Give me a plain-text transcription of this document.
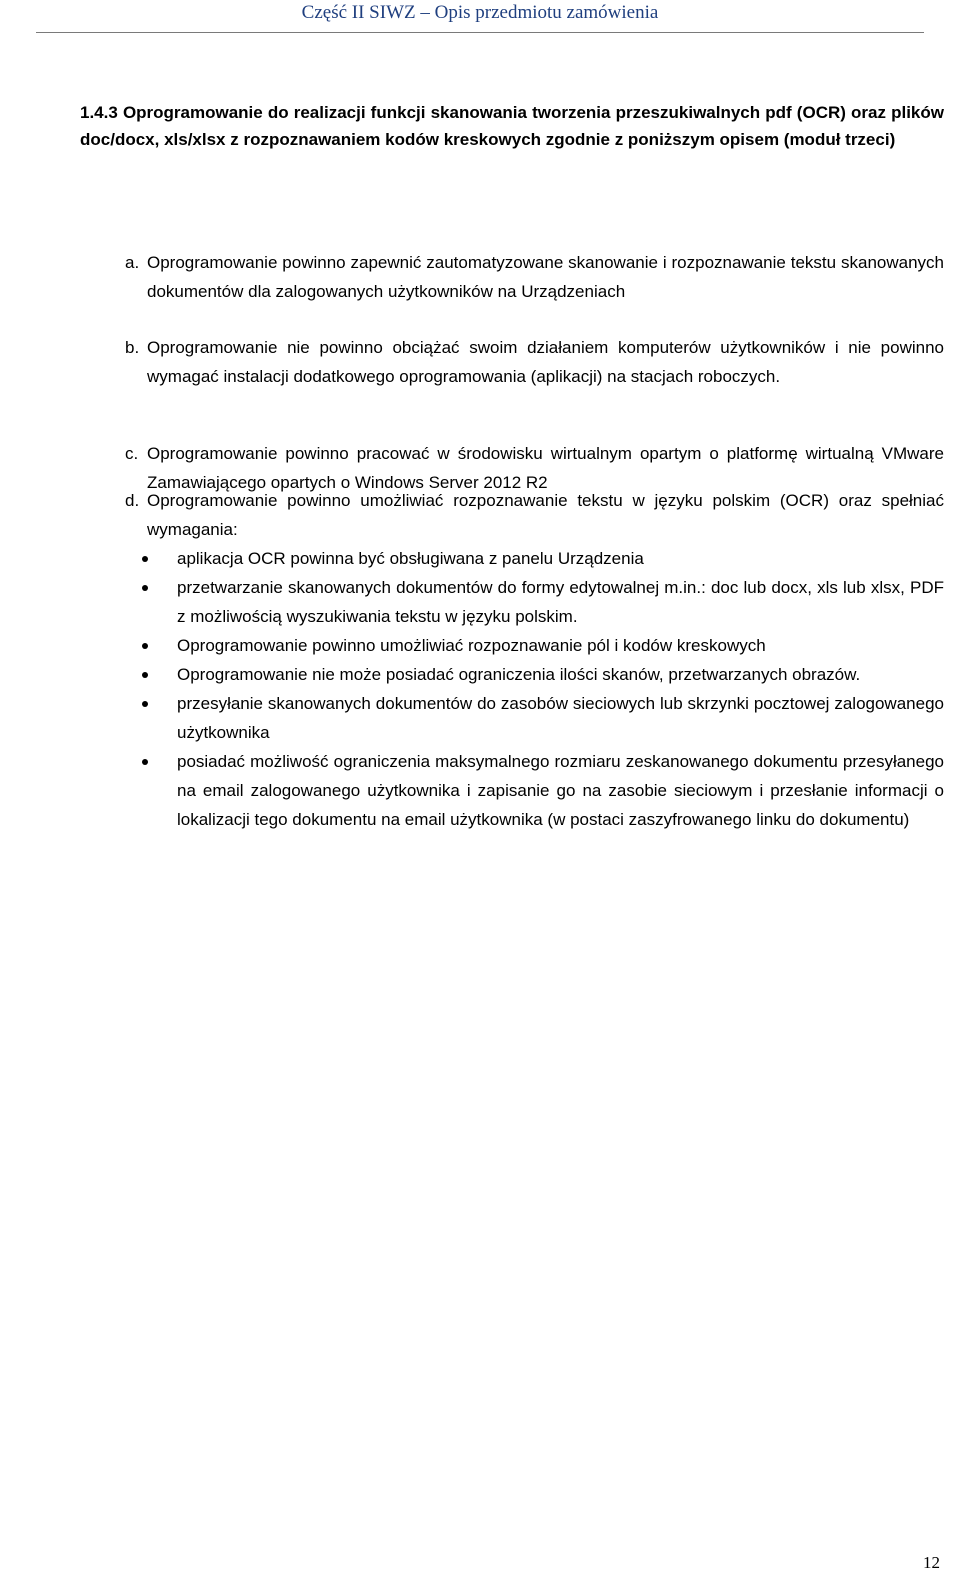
Część II SIWZ – Opis przedmiotu zamówienia
1.4.3 Oprogramowanie do realizacji funkcji skanowania tworzenia przeszukiwalnych pdf (OCR) oraz plików doc/docx, xls/xlsx z rozpoznawaniem kodów kreskowych zgodnie z poniższym opisem (moduł trzeci)
a. Oprogramowanie powinno zapewnić zautomatyzowane skanowanie i rozpoznawanie tekstu skanowanych dokumentów dla zalogowanych użytkowników na Urządzeniach
b. Oprogramowanie nie powinno obciążać swoim działaniem komputerów użytkowników i nie powinno wymagać instalacji dodatkowego oprogramowania (aplikacji) na stacjach roboczych.
c. Oprogramowanie powinno pracować w środowisku wirtualnym opartym o platformę wirtualną VMware Zamawiającego opartych o Windows Server 2012 R2
d. Oprogramowanie powinno umożliwiać rozpoznawanie tekstu w języku polskim (OCR) oraz spełniać wymagania:
aplikacja OCR powinna być obsługiwana z panelu Urządzenia
przetwarzanie skanowanych dokumentów do formy edytowalnej m.in.: doc lub docx, xls lub xlsx, PDF z możliwością wyszukiwania tekstu w języku polskim.
Oprogramowanie powinno umożliwiać rozpoznawanie pól i kodów kreskowych
Oprogramowanie nie może posiadać ograniczenia ilości skanów, przetwarzanych obrazów.
przesyłanie skanowanych dokumentów do zasobów sieciowych lub skrzynki pocztowej zalogowanego użytkownika
posiadać możliwość ograniczenia maksymalnego rozmiaru zeskanowanego dokumentu przesyłanego na email zalogowanego użytkownika i zapisanie go na zasobie sieciowym i przesłanie informacji o lokalizacji tego dokumentu na email użytkownika (w postaci zaszyfrowanego linku do dokumentu)
12
